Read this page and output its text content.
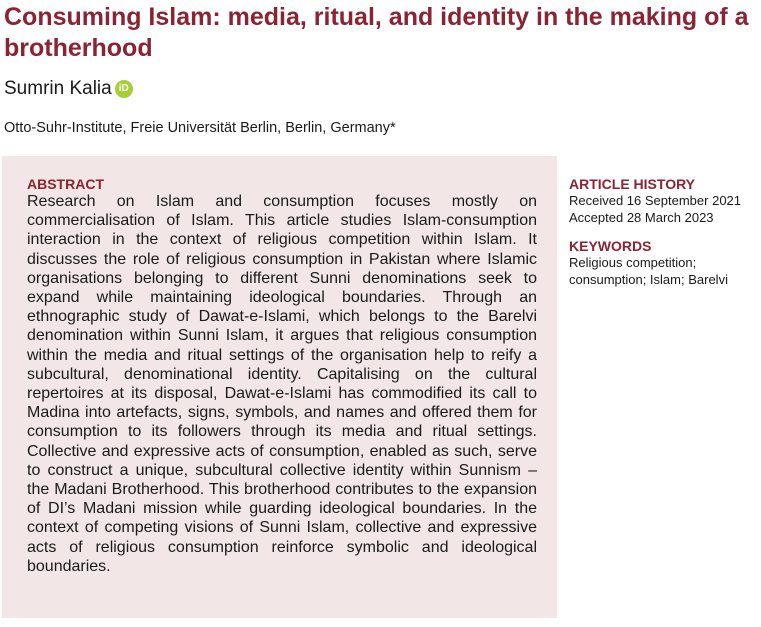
Consuming Islam: media, ritual, and identity in the making of a brotherhood
Sumrin Kalia iD
Otto-Suhr-Institute, Freie Universität Berlin, Berlin, Germany*
ABSTRACT

Research on Islam and consumption focuses mostly on commercialisation of Islam. This article studies Islam-consumption interaction in the context of religious competition within Islam. It discusses the role of religious consumption in Pakistan where Islamic organisations belonging to different Sunni denominations seek to expand while maintaining ideological boundaries. Through an ethnographic study of Dawat-e-Islami, which belongs to the Barelvi denomination within Sunni Islam, it argues that religious consumption within the media and ritual settings of the organisation help to reify a subcultural, denominational identity. Capitalising on the cultural repertoires at its disposal, Dawat-e-Islami has commodified its call to Madina into artefacts, signs, symbols, and names and offered them for consumption to its followers through its media and ritual settings. Collective and expressive acts of consumption, enabled as such, serve to construct a unique, subcultural collective identity within Sunnism – the Madani Brotherhood. This brotherhood contributes to the expansion of DI’s Madani mission while guarding ideological boundaries. In the context of competing visions of Sunni Islam, collective and expressive acts of religious consumption reinforce symbolic and ideological boundaries.

ARTICLE HISTORY
Received 16 September 2021
Accepted 28 March 2023
KEYWORDS
Religious competition; consumption; Islam; Barelvi
